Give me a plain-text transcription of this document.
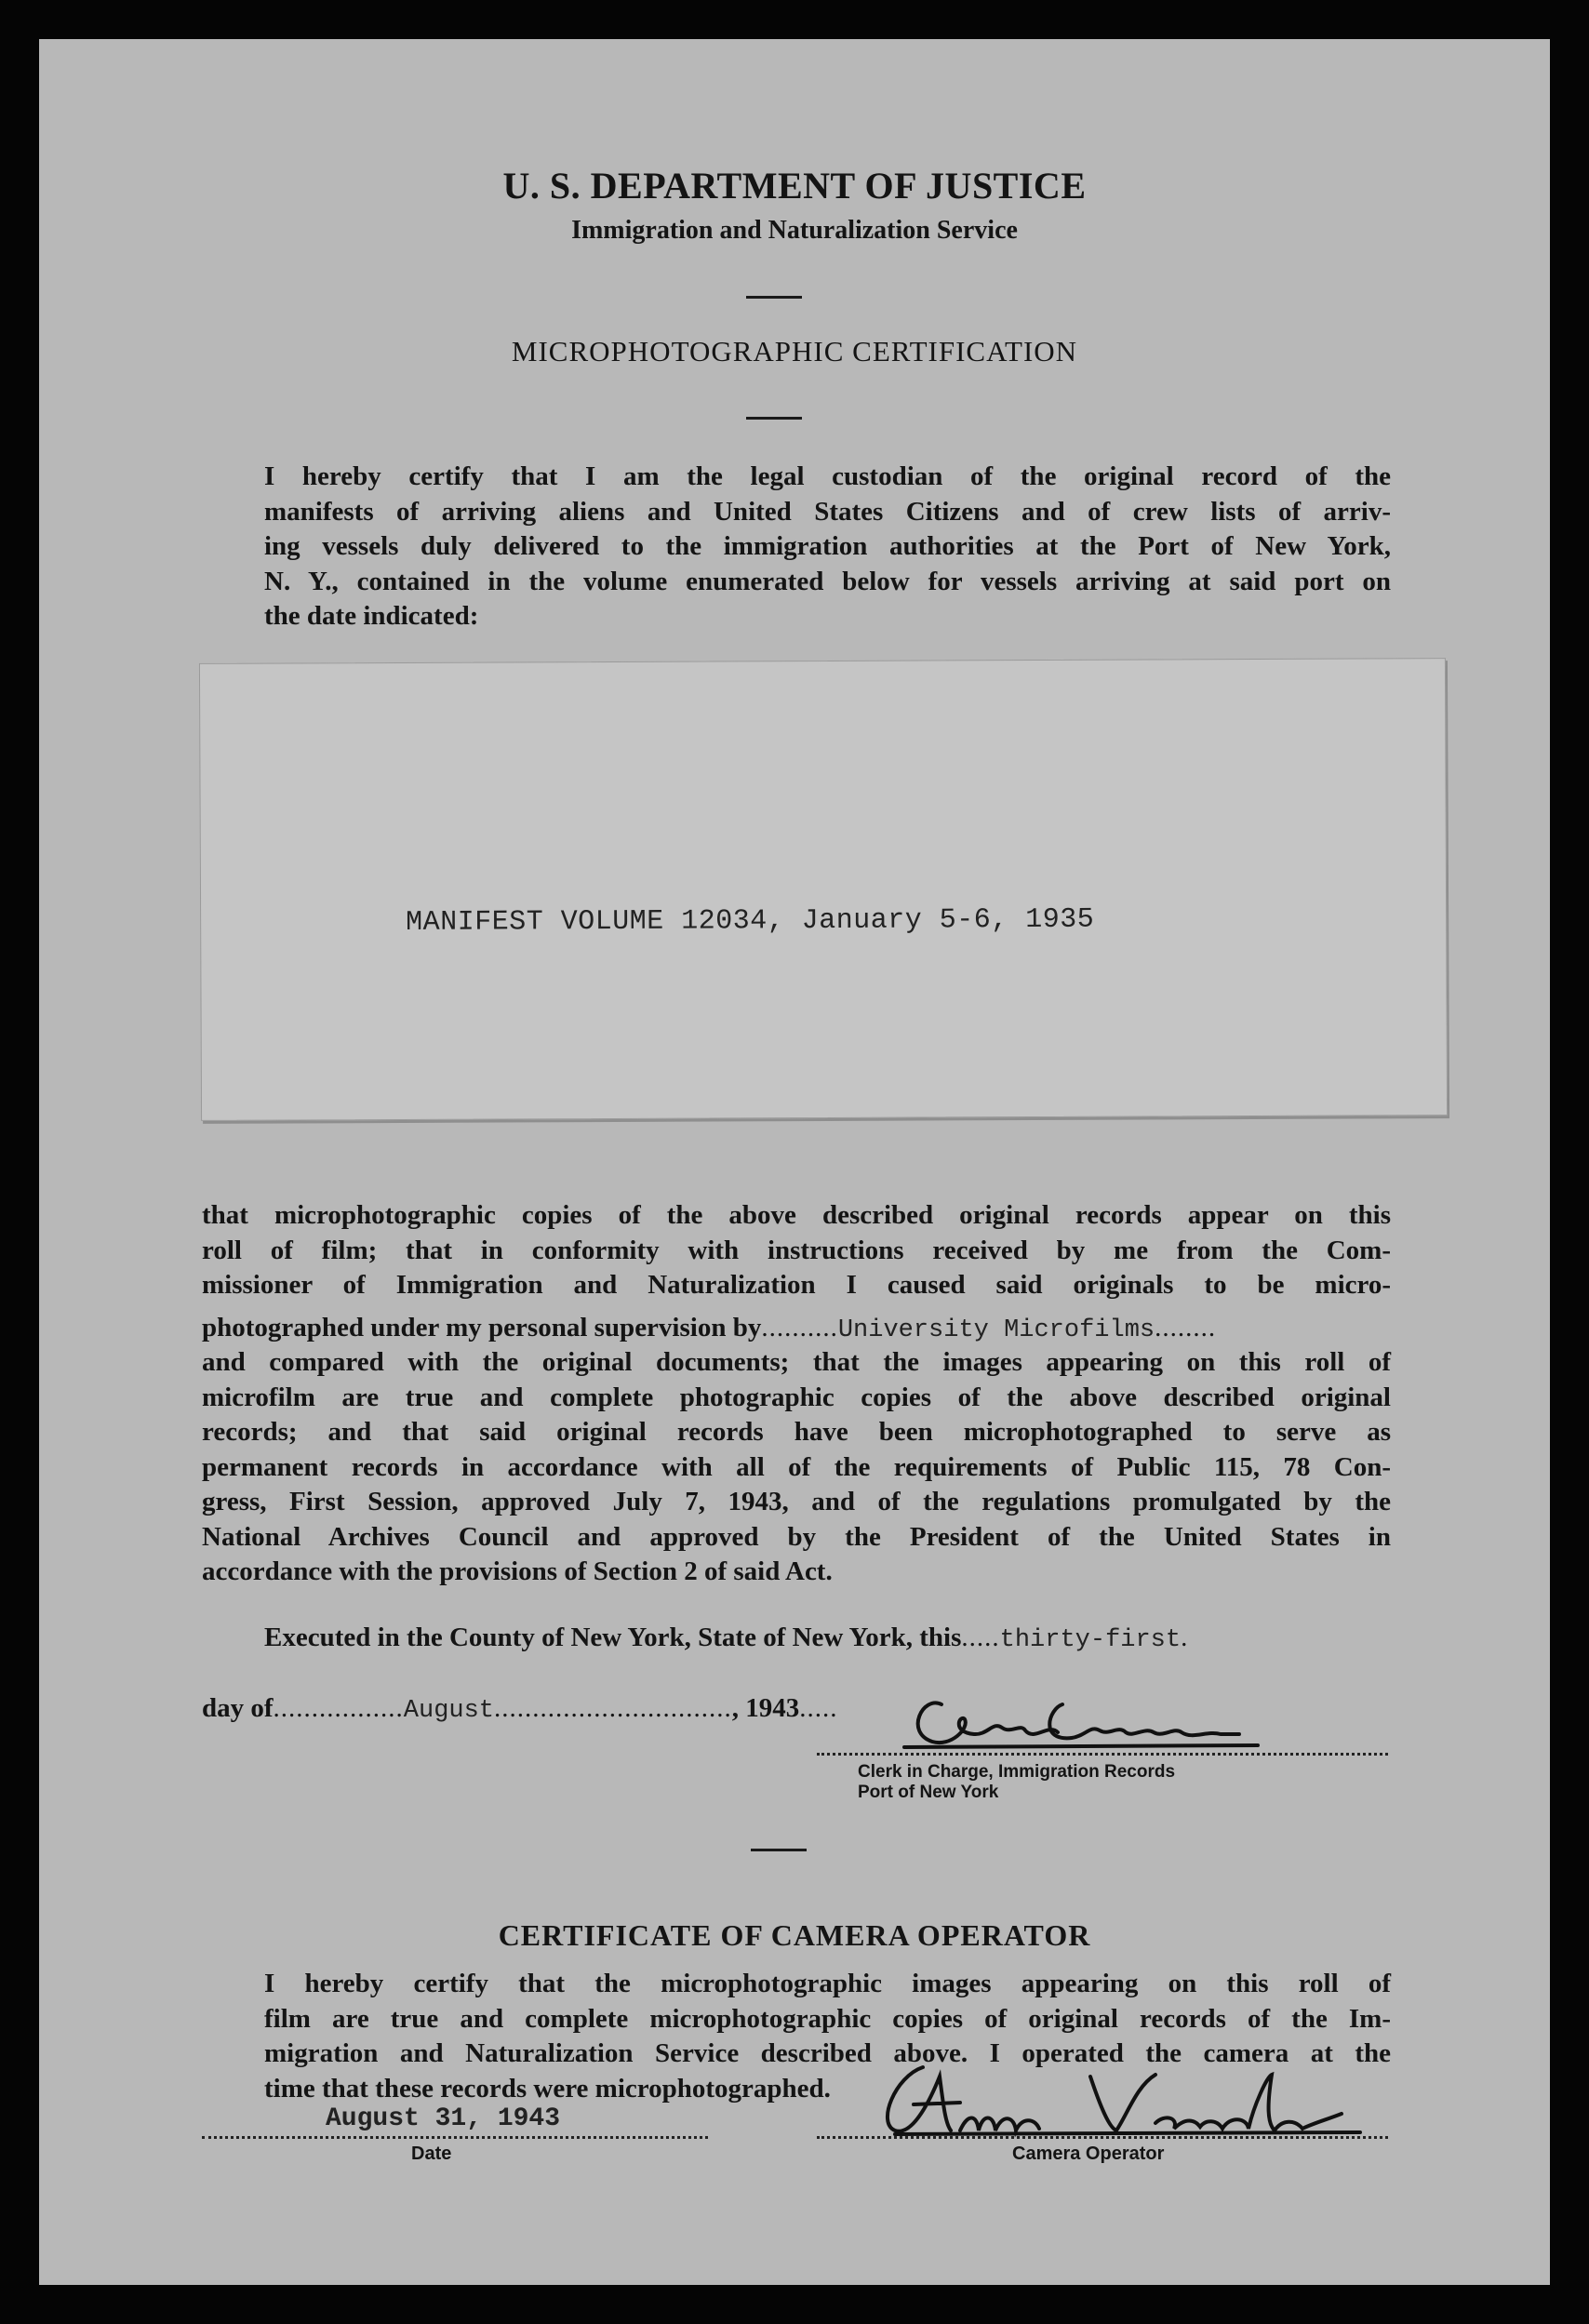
U. S. DEPARTMENT OF JUSTICE
Immigration and Naturalization Service
MICROPHOTOGRAPHIC CERTIFICATION
I hereby certify that I am the legal custodian of the original record of the
manifests of arriving aliens and United States Citizens and of crew lists of arriv-
ing vessels duly delivered to the immigration authorities at the Port of New York,
N. Y., contained in the volume enumerated below for vessels arriving at said port on
the date indicated:
MANIFEST VOLUME 12034, January 5-6, 1935
that microphotographic copies of the above described original records appear on this
roll of film; that in conformity with instructions received by me from the Com-
missioner of Immigration and Naturalization I caused said originals to be micro-
photographed under my personal supervision by..........University Microfilms........
and compared with the original documents; that the images appearing on this roll of
microfilm are true and complete photographic copies of the above described original
records; and that said original records have been microphotographed to serve as
permanent records in accordance with all of the requirements of Public 115, 78 Con-
gress, First Session, approved July 7, 1943, and of the regulations promulgated by the
National Archives Council and approved by the President of the United States in
accordance with the provisions of Section 2 of said Act.
Executed in the County of New York, State of New York, this.....thirty-first.
day of.................August..............................., 1943.....
Clerk in Charge, Immigration Records
Port of New York
CERTIFICATE OF CAMERA OPERATOR
I hereby certify that the microphotographic images appearing on this roll of
film are true and complete microphotographic copies of original records of the Im-
migration and Naturalization Service described above. I operated the camera at the
time that these records were microphotographed.
August 31, 1943
Date	Camera Operator
